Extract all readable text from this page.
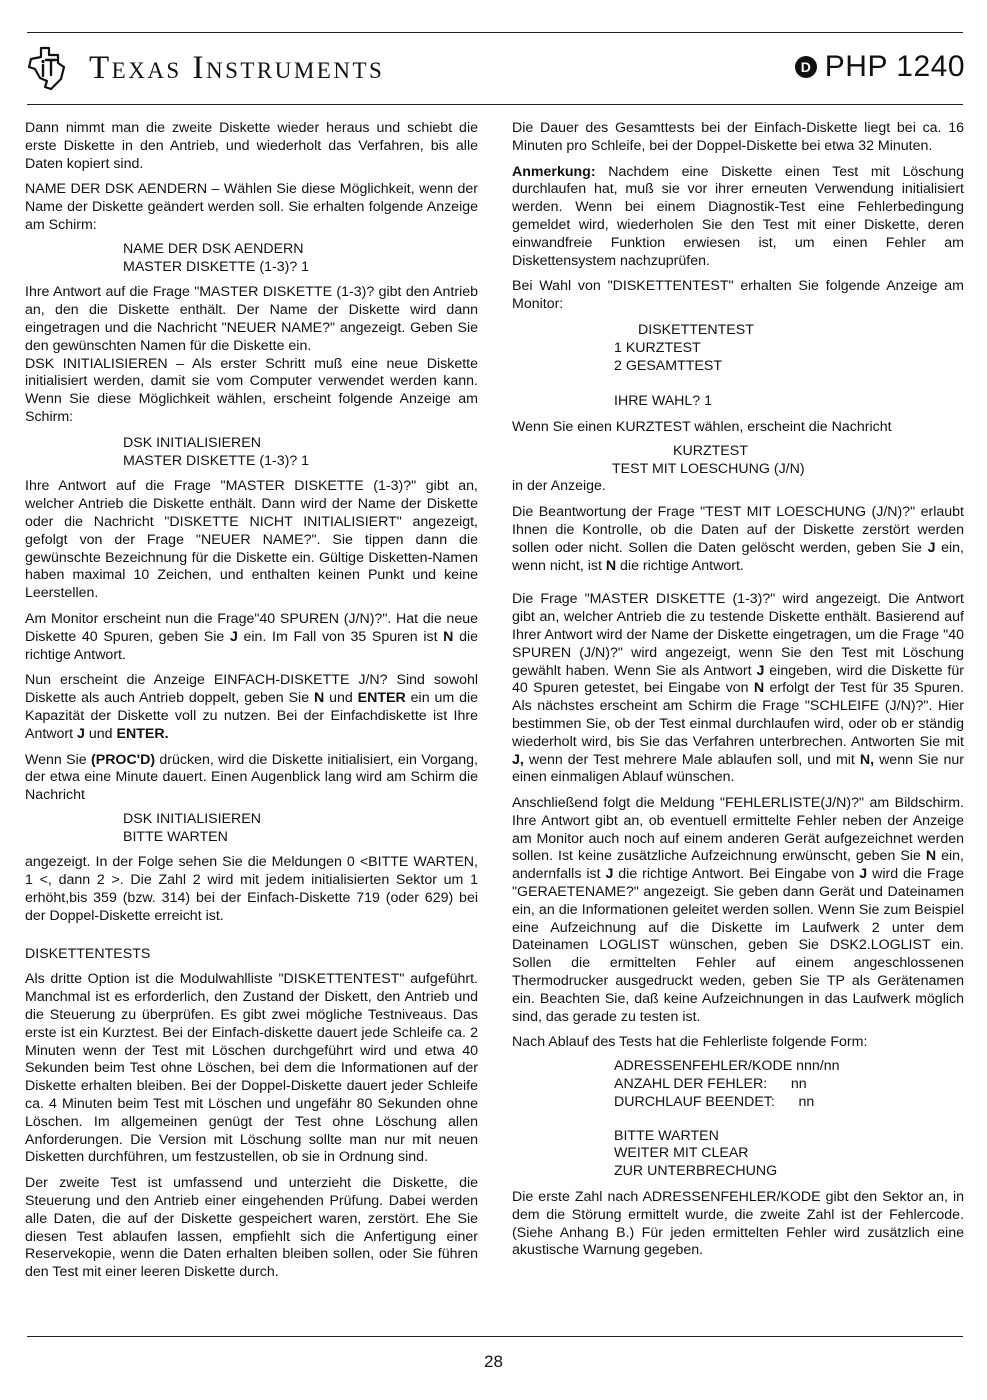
Texas Instruments	D PHP 1240

Dann nimmt man die zweite Diskette wieder heraus und schiebt die erste Diskette in den Antrieb, und wiederholt das Verfahren, bis alle Daten kopiert sind.

NAME DER DSK AENDERN – Wählen Sie diese Möglichkeit, wenn der Name der Diskette geändert werden soll. Sie erhalten folgende Anzeige am Schirm:

NAME DER DSK AENDERN
MASTER DISKETTE (1-3)? 1

Ihre Antwort auf die Frage "MASTER DISKETTE (1-3)? gibt den Antrieb an, den die Diskette enthält. Der Name der Diskette wird dann eingetragen und die Nachricht "NEUER NAME?" angezeigt. Geben Sie den gewünschten Namen für die Diskette ein.

DSK INITIALISIEREN – Als erster Schritt muß eine neue Diskette initialisiert werden, damit sie vom Computer verwendet werden kann. Wenn Sie diese Möglichkeit wählen, erscheint folgende Anzeige am Schirm:

DSK INITIALISIEREN
MASTER DISKETTE (1-3)? 1

Ihre Antwort auf die Frage "MASTER DISKETTE (1-3)?" gibt an, welcher Antrieb die Diskette enthält. Dann wird der Name der Diskette oder die Nachricht "DISKETTE NICHT INITIALISIERT" angezeigt, gefolgt von der Frage "NEUER NAME?". Sie tippen dann die gewünschte Bezeichnung für die Diskette ein. Gültige Disketten-Namen haben maximal 10 Zeichen, und enthalten keinen Punkt und keine Leerstellen.

Am Monitor erscheint nun die Frage"40 SPUREN (J/N)?". Hat die neue Diskette 40 Spuren, geben Sie J ein. Im Fall von 35 Spuren ist N die richtige Antwort.

Nun erscheint die Anzeige EINFACH-DISKETTE J/N? Sind sowohl Diskette als auch Antrieb doppelt, geben Sie N und ENTER ein um die Kapazität der Diskette voll zu nutzen. Bei der Einfachdiskette ist Ihre Antwort J und ENTER.

Wenn Sie (PROC'D) drücken, wird die Diskette initialisiert, ein Vorgang, der etwa eine Minute dauert. Einen Augenblick lang wird am Schirm die Nachricht

DSK INITIALISIEREN
BITTE WARTEN

angezeigt. In der Folge sehen Sie die Meldungen 0 <BITTE WARTEN, 1 <, dann 2 >. Die Zahl 2 wird mit jedem initialisierten Sektor um 1 erhöht,bis 359 (bzw. 314) bei der Einfach-Diskette 719 (oder 629) bei der Doppel-Diskette erreicht ist.

DISKETTENTESTS

Als dritte Option ist die Modulwahlliste "DISKETTENTEST" aufgeführt. Manchmal ist es erforderlich, den Zustand der Diskett, den Antrieb und die Steuerung zu überprüfen. Es gibt zwei mögliche Testniveaus. Das erste ist ein Kurztest. Bei der Einfach-diskette dauert jede Schleife ca. 2 Minuten wenn der Test mit Löschen durchgeführt wird und etwa 40 Sekunden beim Test ohne Löschen, bei dem die Informationen auf der Diskette erhalten bleiben. Bei der Doppel-Diskette dauert jeder Schleife ca. 4 Minuten beim Test mit Löschen und ungefähr 80 Sekunden ohne Löschen. Im allgemeinen genügt der Test ohne Löschung allen Anforderungen. Die Version mit Löschung sollte man nur mit neuen Disketten durchführen, um festzustellen, ob sie in Ordnung sind.

Der zweite Test ist umfassend und unterzieht die Diskette, die Steuerung und den Antrieb einer eingehenden Prüfung. Dabei werden alle Daten, die auf der Diskette gespeichert waren, zerstört. Ehe Sie diesen Test ablaufen lassen, empfiehlt sich die Anfertigung einer Reservekopie, wenn die Daten erhalten bleiben sollen, oder Sie führen den Test mit einer leeren Diskette durch.

Die Dauer des Gesamttests bei der Einfach-Diskette liegt bei ca. 16 Minuten pro Schleife, bei der Doppel-Diskette bei etwa 32 Minuten.

Anmerkung: Nachdem eine Diskette einen Test mit Löschung durchlaufen hat, muß sie vor ihrer erneuten Verwendung initialisiert werden. Wenn bei einem Diagnostik-Test eine Fehlerbedingung gemeldet wird, wiederholen Sie den Test mit einer Diskette, deren einwandfreie Funktion erwiesen ist, um einen Fehler am Diskettensystem nachzuprüfen.

Bei Wahl von "DISKETTENTEST" erhalten Sie folgende Anzeige am Monitor:

DISKETTENTEST
1 KURZTEST
2 GESAMTTEST
IHRE WAHL? 1

Wenn Sie einen KURZTEST wählen, erscheint die Nachricht

KURZTEST
TEST MIT LOESCHUNG (J/N)

in der Anzeige.

Die Beantwortung der Frage "TEST MIT LOESCHUNG (J/N)?" erlaubt Ihnen die Kontrolle, ob die Daten auf der Diskette zerstört werden sollen oder nicht. Sollen die Daten gelöscht werden, geben Sie J ein, wenn nicht, ist N die richtige Antwort.

Die Frage "MASTER DISKETTE (1-3)?" wird angezeigt. Die Antwort gibt an, welcher Antrieb die zu testende Diskette enthält. Basierend auf Ihrer Antwort wird der Name der Diskette eingetragen, um die Frage "40 SPUREN (J/N)?" wird angezeigt, wenn Sie den Test mit Löschung gewählt haben. Wenn Sie als Antwort J eingeben, wird die Diskette für 40 Spuren getestet, bei Eingabe von N erfolgt der Test für 35 Spuren. Als nächstes erscheint am Schirm die Frage "SCHLEIFE (J/N)?". Hier bestimmen Sie, ob der Test einmal durchlaufen wird, oder ob er ständig wiederholt wird, bis Sie das Verfahren unterbrechen. Antworten Sie mit J, wenn der Test mehrere Male ablaufen soll, und mit N, wenn Sie nur einen einmaligen Ablauf wünschen.

Anschließend folgt die Meldung "FEHLERLISTE(J/N)?" am Bildschirm. Ihre Antwort gibt an, ob eventuell ermittelte Fehler neben der Anzeige am Monitor auch noch auf einem anderen Gerät aufgezeichnet werden sollen. Ist keine zusätzliche Aufzeichnung erwünscht, geben Sie N ein, andernfalls ist J die richtige Antwort. Bei Eingabe von J wird die Frage "GERAETENAME?" angezeigt. Sie geben dann Gerät und Dateinamen ein, an die Informationen geleitet werden sollen. Wenn Sie zum Beispiel eine Aufzeichnung auf die Diskette im Laufwerk 2 unter dem Dateinamen LOGLIST wünschen, geben Sie DSK2.LOGLIST ein. Sollen die ermittelten Fehler auf einem angeschlossenen Thermodrucker ausgedruckt weden, geben Sie TP als Gerätenamen ein. Beachten Sie, daß keine Aufzeichnungen in das Laufwerk möglich sind, das gerade zu testen ist.

Nach Ablauf des Tests hat die Fehlerliste folgende Form:

ADRESSENFEHLER/KODE nnn/nn
ANZAHL DER FEHLER:      nn
DURCHLAUF BEENDET:      nn
BITTE WARTEN
WEITER MIT CLEAR
ZUR UNTERBRECHUNG

Die erste Zahl nach ADRESSENFEHLER/KODE gibt den Sektor an, in dem die Störung ermittelt wurde, die zweite Zahl ist der Fehlercode. (Siehe Anhang B.) Für jeden ermittelten Fehler wird zusätzlich eine akustische Warnung gegeben.

28
